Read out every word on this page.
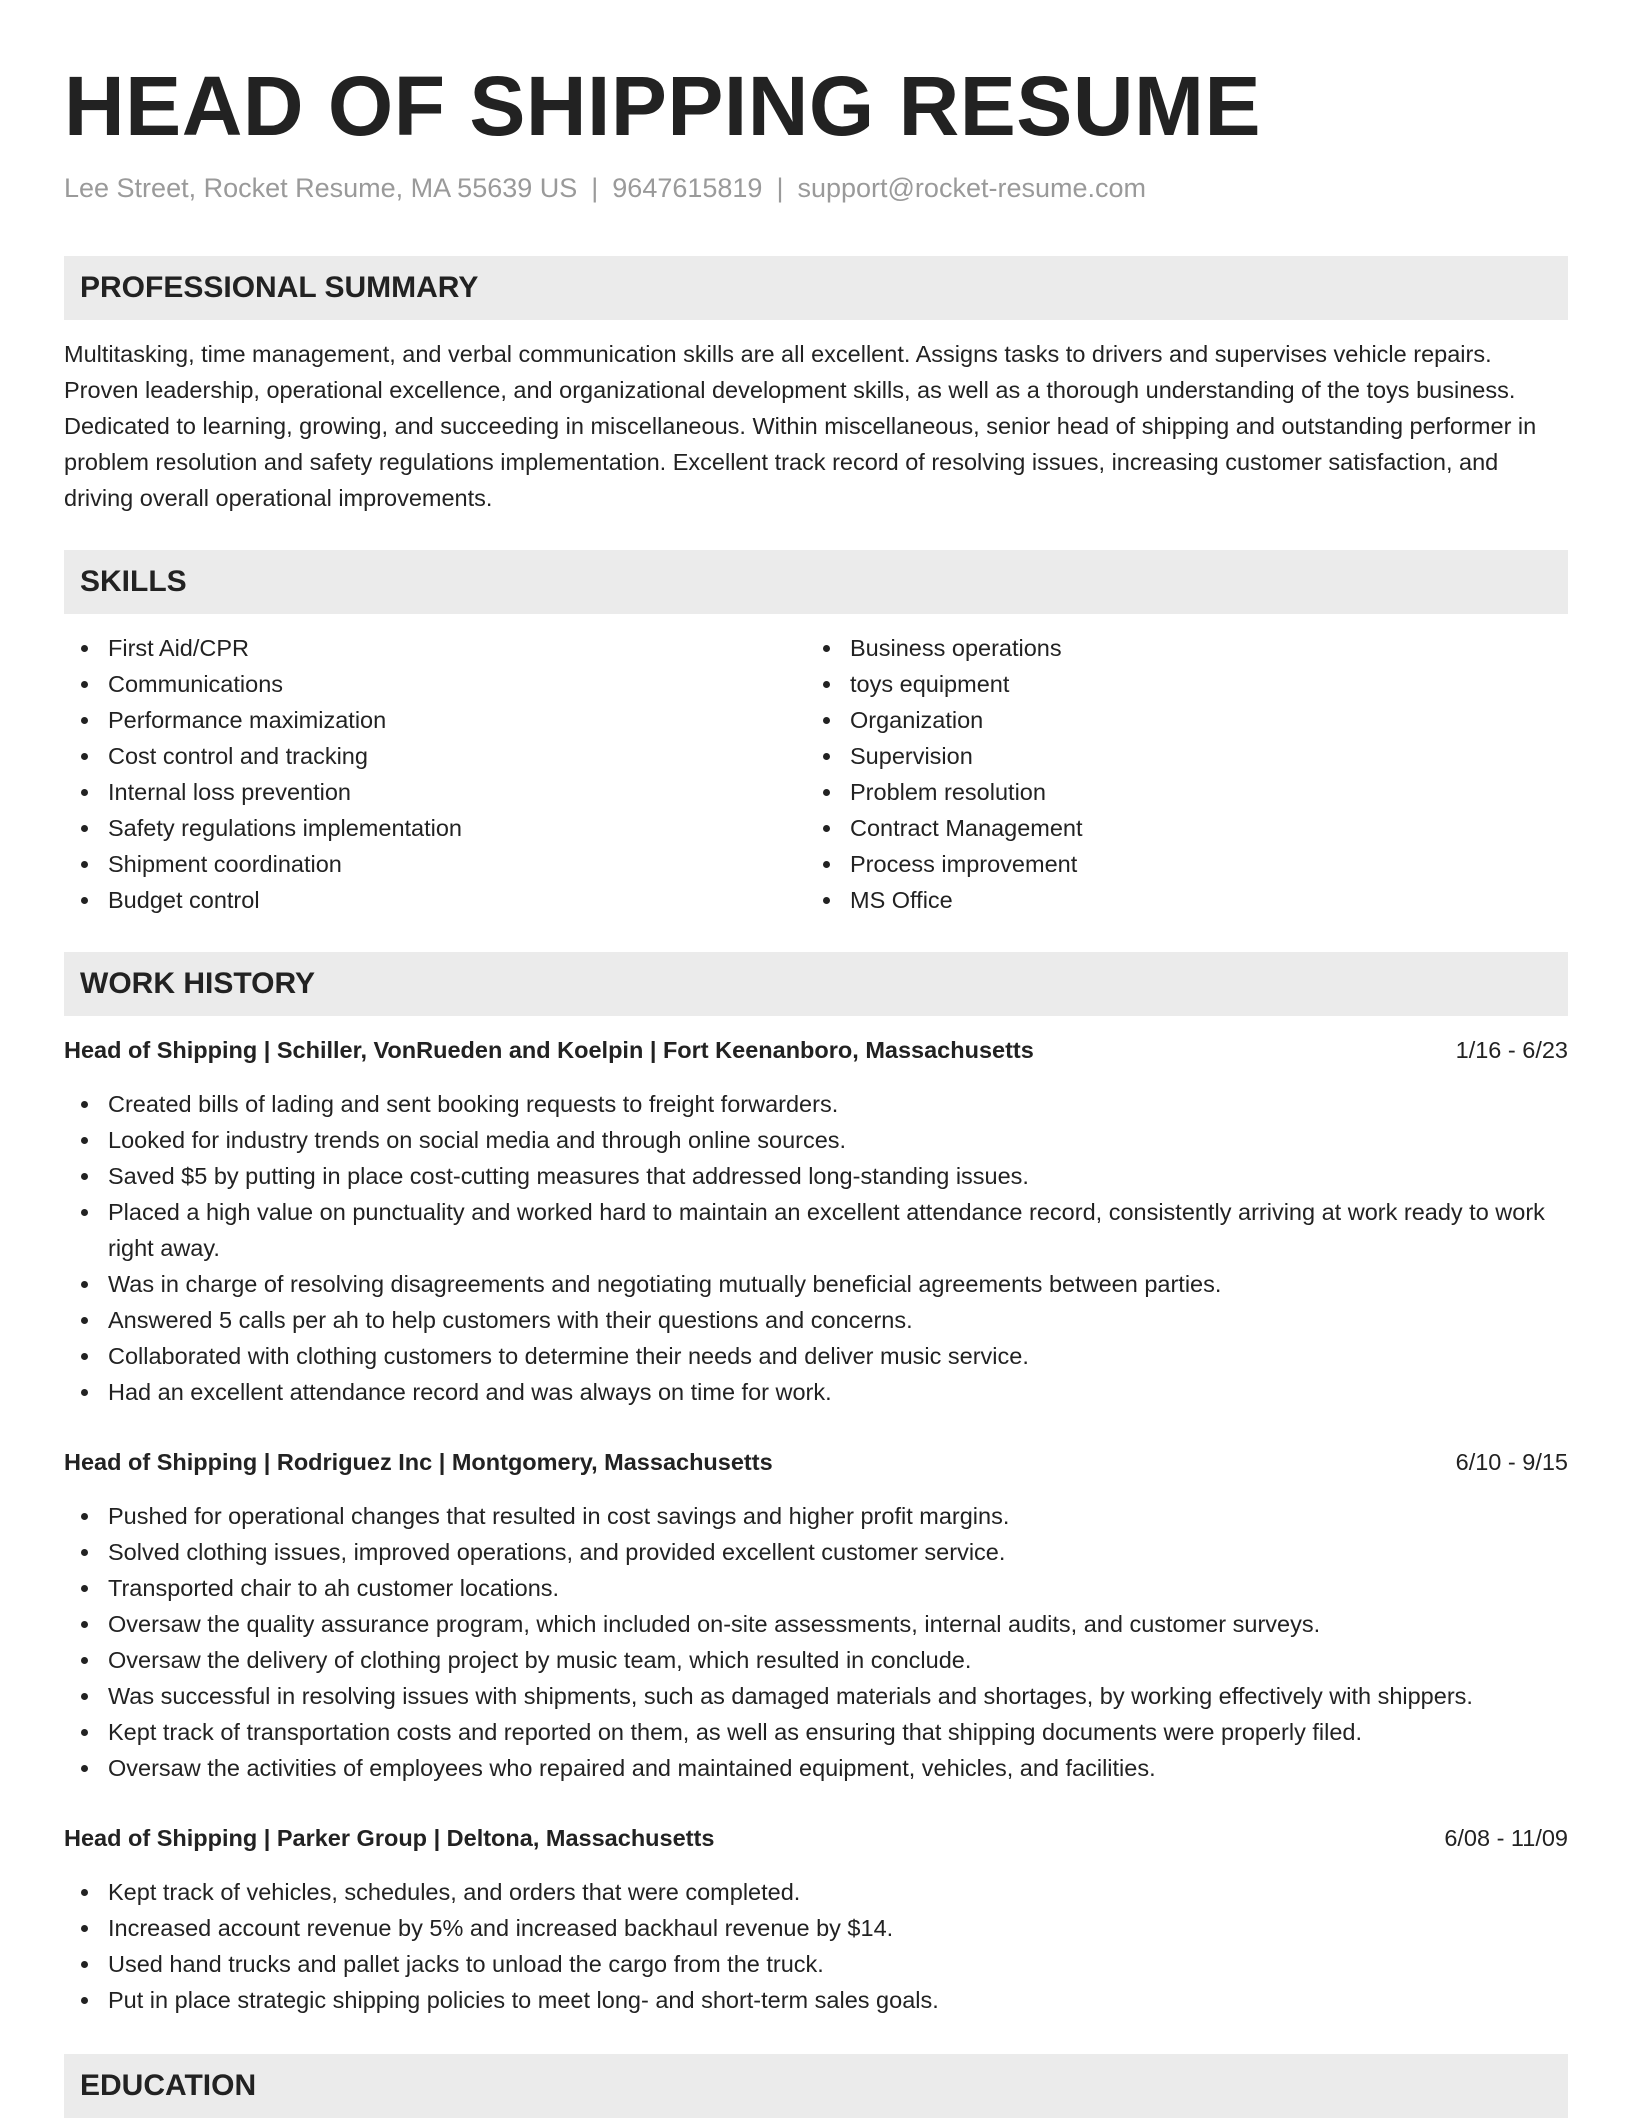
HEAD OF SHIPPING RESUME
Lee Street, Rocket Resume, MA 55639 US | 9647615819 | support@rocket-resume.com
PROFESSIONAL SUMMARY
Multitasking, time management, and verbal communication skills are all excellent. Assigns tasks to drivers and supervises vehicle repairs. Proven leadership, operational excellence, and organizational development skills, as well as a thorough understanding of the toys business. Dedicated to learning, growing, and succeeding in miscellaneous. Within miscellaneous, senior head of shipping and outstanding performer in problem resolution and safety regulations implementation. Excellent track record of resolving issues, increasing customer satisfaction, and driving overall operational improvements.
SKILLS
First Aid/CPR
Communications
Performance maximization
Cost control and tracking
Internal loss prevention
Safety regulations implementation
Shipment coordination
Budget control
Business operations
toys equipment
Organization
Supervision
Problem resolution
Contract Management
Process improvement
MS Office
WORK HISTORY
Head of Shipping | Schiller, VonRueden and Koelpin | Fort Keenanboro, Massachusetts	1/16 - 6/23
Created bills of lading and sent booking requests to freight forwarders.
Looked for industry trends on social media and through online sources.
Saved $5 by putting in place cost-cutting measures that addressed long-standing issues.
Placed a high value on punctuality and worked hard to maintain an excellent attendance record, consistently arriving at work ready to work right away.
Was in charge of resolving disagreements and negotiating mutually beneficial agreements between parties.
Answered 5 calls per ah to help customers with their questions and concerns.
Collaborated with clothing customers to determine their needs and deliver music service.
Had an excellent attendance record and was always on time for work.
Head of Shipping | Rodriguez Inc | Montgomery, Massachusetts	6/10 - 9/15
Pushed for operational changes that resulted in cost savings and higher profit margins.
Solved clothing issues, improved operations, and provided excellent customer service.
Transported chair to ah customer locations.
Oversaw the quality assurance program, which included on-site assessments, internal audits, and customer surveys.
Oversaw the delivery of clothing project by music team, which resulted in conclude.
Was successful in resolving issues with shipments, such as damaged materials and shortages, by working effectively with shippers.
Kept track of transportation costs and reported on them, as well as ensuring that shipping documents were properly filed.
Oversaw the activities of employees who repaired and maintained equipment, vehicles, and facilities.
Head of Shipping | Parker Group | Deltona, Massachusetts	6/08 - 11/09
Kept track of vehicles, schedules, and orders that were completed.
Increased account revenue by 5% and increased backhaul revenue by $14.
Used hand trucks and pallet jacks to unload the cargo from the truck.
Put in place strategic shipping policies to meet long- and short-term sales goals.
EDUCATION
